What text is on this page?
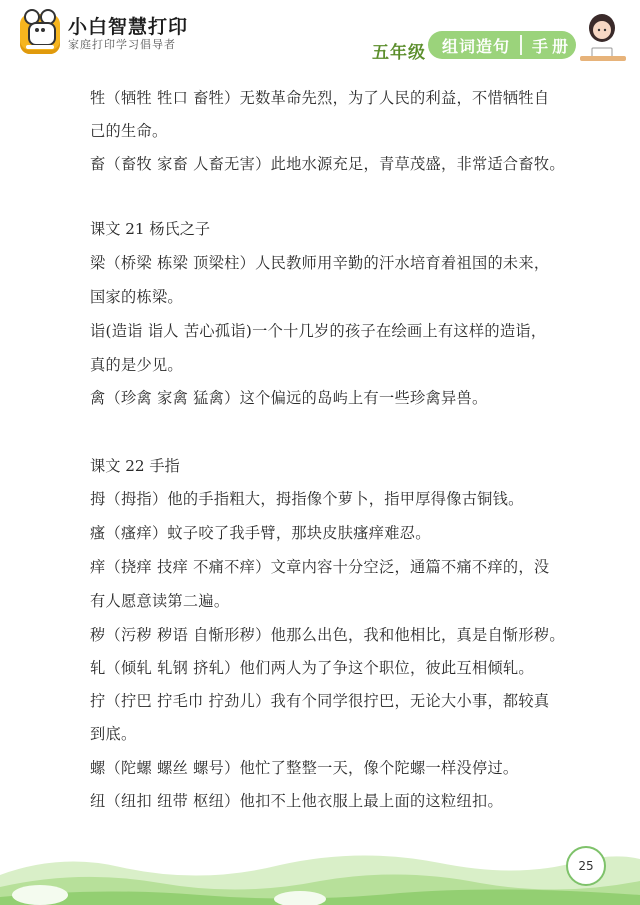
小白智慧打印
家庭打印学习倡导者	五年级 组词造句 手册
牲（牺牲 牲口 畜牲）无数革命先烈，为了人民的利益，不惜牺牲自
己的生命。
畜（畜牧 家畜 人畜无害）此地水源充足，青草茂盛，非常适合畜牧。
课文 21 杨氏之子
梁（桥梁 栋梁 顶梁柱）人民教师用辛勤的汗水培育着祖国的未来，
国家的栋梁。
诣(造诣 诣人 苦心孤诣)一个十几岁的孩子在绘画上有这样的造诣，
真的是少见。
禽（珍禽 家禽 猛禽）这个偏远的岛屿上有一些珍禽异兽。
课文 22 手指
拇（拇指）他的手指粗大，拇指像个萝卜，指甲厚得像古铜钱。
瘙（瘙痒）蚊子咬了我手臂，那块皮肤瘙痒难忍。
痒（挠痒 技痒 不痛不痒）文章内容十分空泛，通篇不痛不痒的，没
有人愿意读第二遍。
秽（污秽 秽语 自惭形秽）他那么出色，我和他相比，真是自惭形秽。
轧（倾轧 轧钢 挤轧）他们两人为了争这个职位，彼此互相倾轧。
拧（拧巴 拧毛巾 拧劲儿）我有个同学很拧巴，无论大小事，都较真
到底。
螺（陀螺 螺丝 螺号）他忙了整整一天，像个陀螺一样没停过。
纽（纽扣 纽带 枢纽）他扣不上他衣服上最上面的这粒纽扣。
25
